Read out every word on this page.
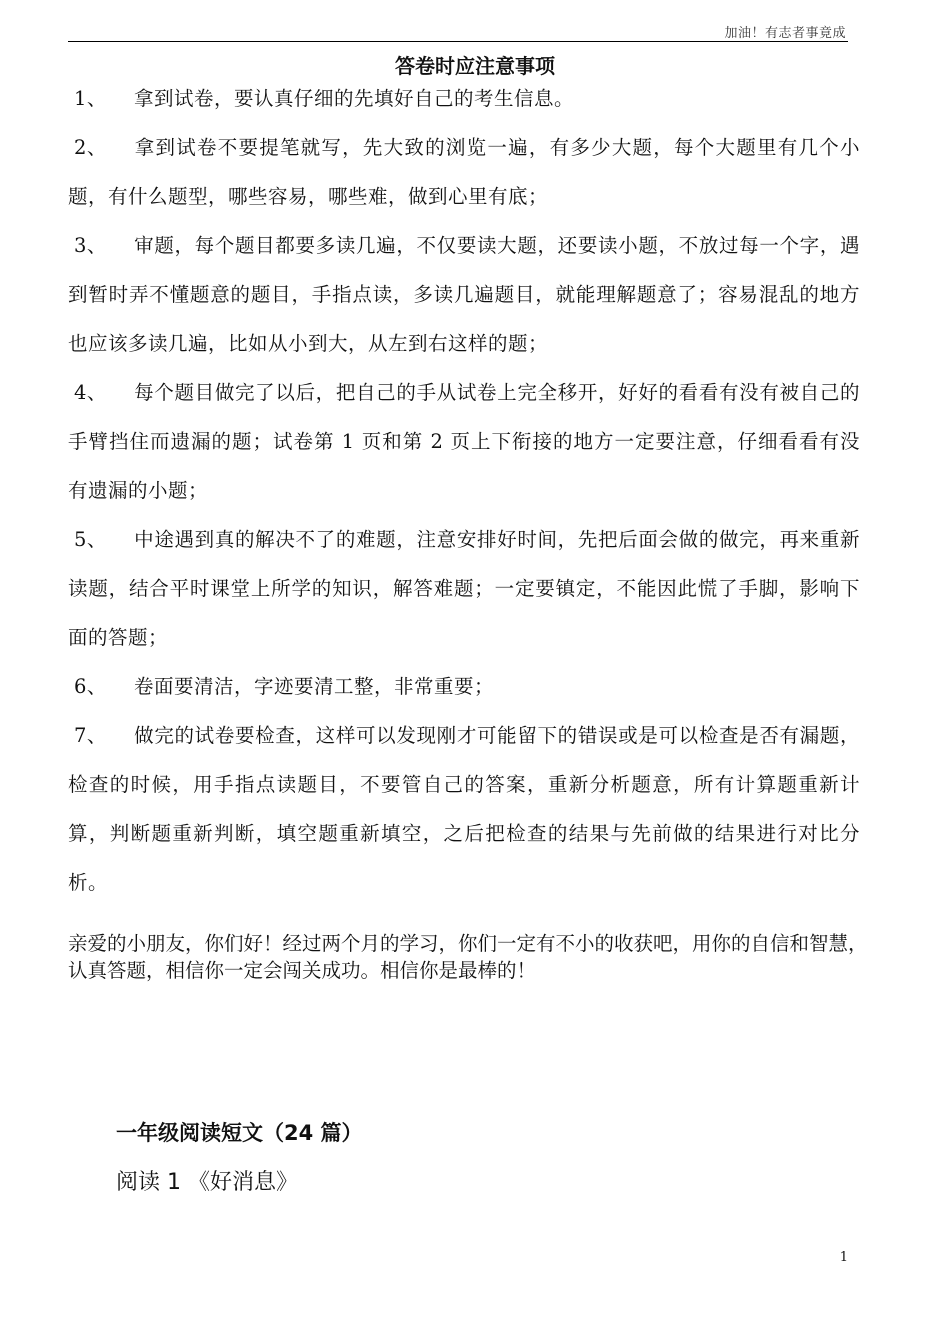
加油！有志者事竟成
答卷时应注意事项

1、 拿到试卷，要认真仔细的先填好自己的考生信息。

2、 拿到试卷不要提笔就写，先大致的浏览一遍，有多少大题，每个大题里有几个小题，有什么题型，哪些容易，哪些难，做到心里有底；

3、 审题，每个题目都要多读几遍，不仅要读大题，还要读小题，不放过每一个字，遇到暂时弄不懂题意的题目，手指点读，多读几遍题目，就能理解题意了；容易混乱的地方也应该多读几遍，比如从小到大，从左到右这样的题；

4、 每个题目做完了以后，把自己的手从试卷上完全移开，好好的看看有没有被自己的手臂挡住而遗漏的题；试卷第 1 页和第 2 页上下衔接的地方一定要注意，仔细看看有没有遗漏的小题；

5、 中途遇到真的解决不了的难题，注意安排好时间，先把后面会做的做完，再来重新读题，结合平时课堂上所学的知识，解答难题；一定要镇定，不能因此慌了手脚，影响下面的答题；

6、 卷面要清洁，字迹要清工整，非常重要；

7、 做完的试卷要检查，这样可以发现刚才可能留下的错误或是可以检查是否有漏题，检查的时候，用手指点读题目，不要管自己的答案，重新分析题意，所有计算题重新计算，判断题重新判断，填空题重新填空，之后把检查的结果与先前做的结果进行对比分析。

亲爱的小朋友，你们好！经过两个月的学习，你们一定有不小的收获吧，用你的自信和智慧，认真答题，相信你一定会闯关成功。相信你是最棒的！
一年级阅读短文（24 篇）
阅读 1 《好消息》
1
